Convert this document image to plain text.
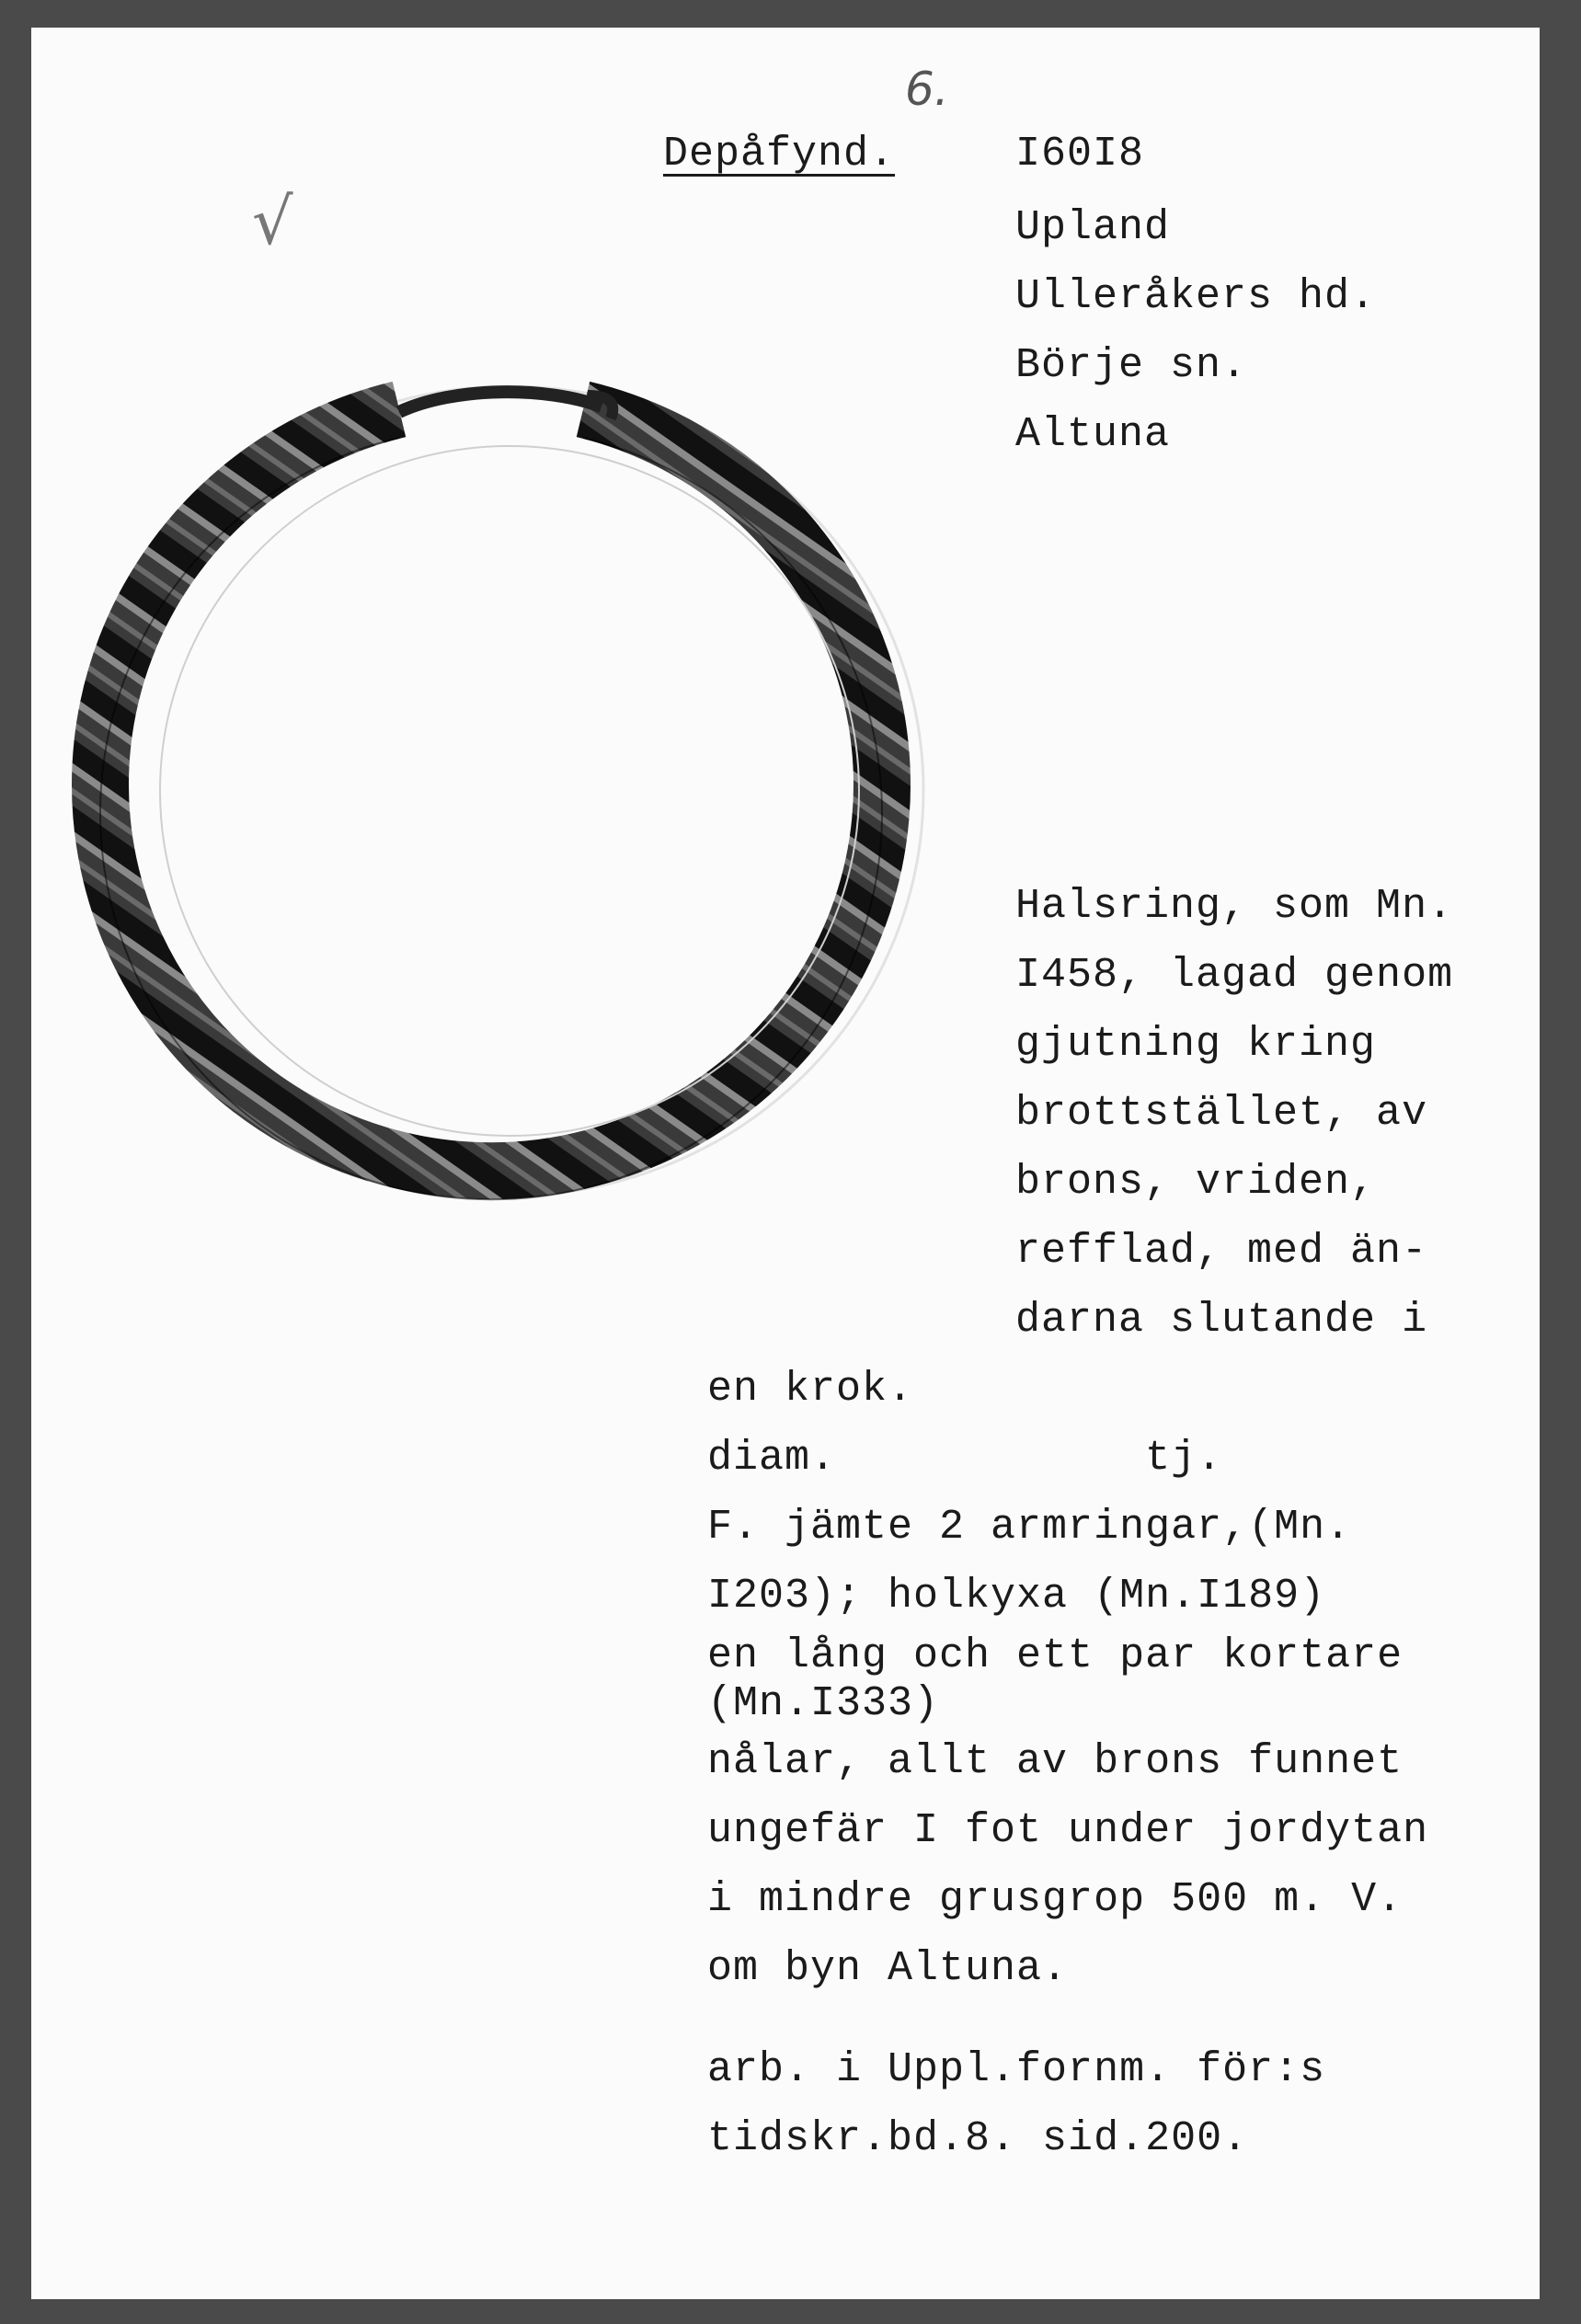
6.
√
Depåfynd.	I60I8
Upland
Ulleråkers hd.
Börje sn.
Altuna
Halsring, som Mn.
I458, lagad genom
gjutning kring
brottstället, av
brons, vriden,
refflad, med än-
darna slutande i
en krok.
diam.            tj.
F. jämte 2 armringar,(Mn.
I203); holkyxa (Mn.I189)
en lång och ett par kortare
(Mn.I333)
nålar, allt av brons funnet
ungefär I fot under jordytan
i mindre grusgrop 500 m. V.
om byn Altuna.
arb. i Uppl.fornm. för:s
tidskr.bd.8. sid.200.
